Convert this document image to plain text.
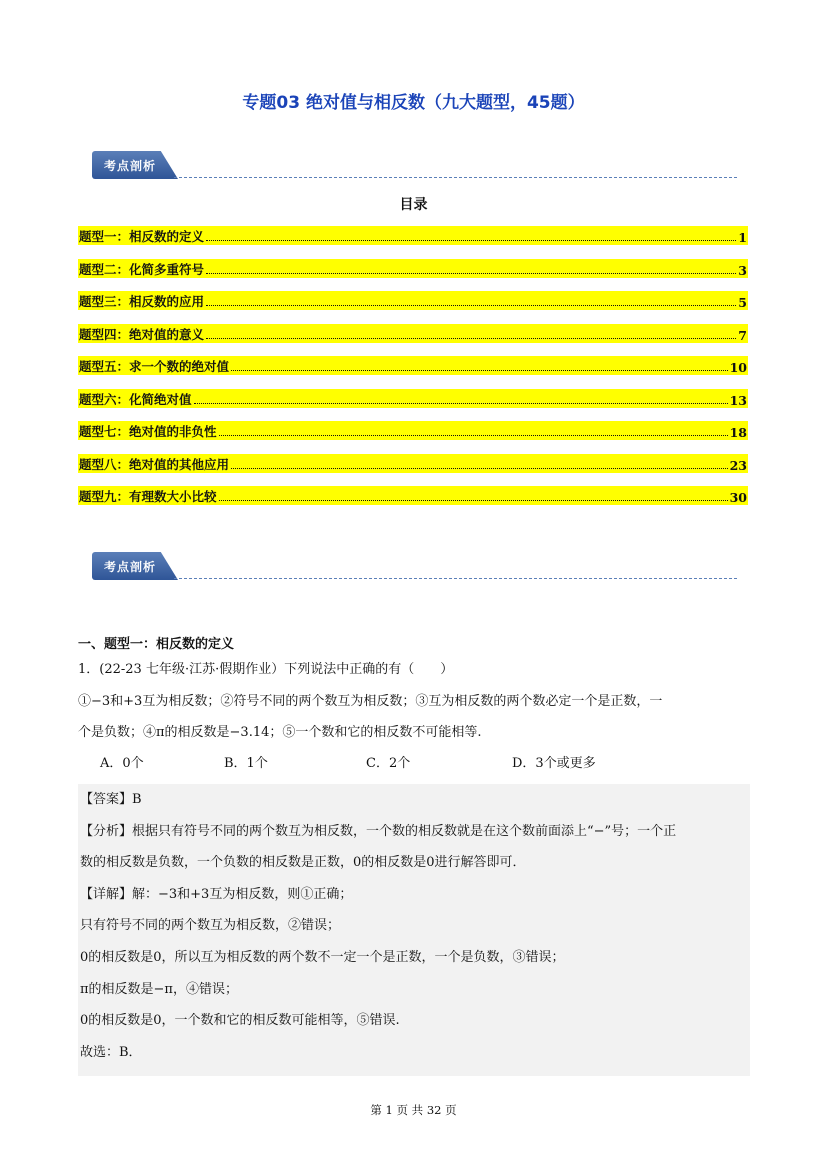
专题03 绝对值与相反数（九大题型，45题）
考点剖析
目录
题型一：相反数的定义	1
题型二：化简多重符号	3
题型三：相反数的应用	5
题型四：绝对值的意义	7
题型五：求一个数的绝对值	10
题型六：化简绝对值	13
题型七：绝对值的非负性	18
题型八：绝对值的其他应用	23
题型九：有理数大小比较	30
考点剖析
一、题型一：相反数的定义
1．(22-23 七年级·江苏·假期作业）下列说法中正确的有（　　）
①−3和+3互为相反数；②符号不同的两个数互为相反数；③互为相反数的两个数必定一个是正数，一
个是负数；④π的相反数是−3.14；⑤一个数和它的相反数不可能相等.
A．0个	B．1个	C．2个	D．3个或更多
【答案】B
【分析】根据只有符号不同的两个数互为相反数，一个数的相反数就是在这个数前面添上“−”号；一个正
数的相反数是负数，一个负数的相反数是正数，0的相反数是0进行解答即可．
【详解】解：−3和+3互为相反数，则①正确；
只有符号不同的两个数互为相反数，②错误；
0的相反数是0，所以互为相反数的两个数不一定一个是正数，一个是负数，③错误；
π的相反数是−π，④错误；
0的相反数是0，一个数和它的相反数可能相等，⑤错误.
故选：B．
第 1 页 共 32 页
